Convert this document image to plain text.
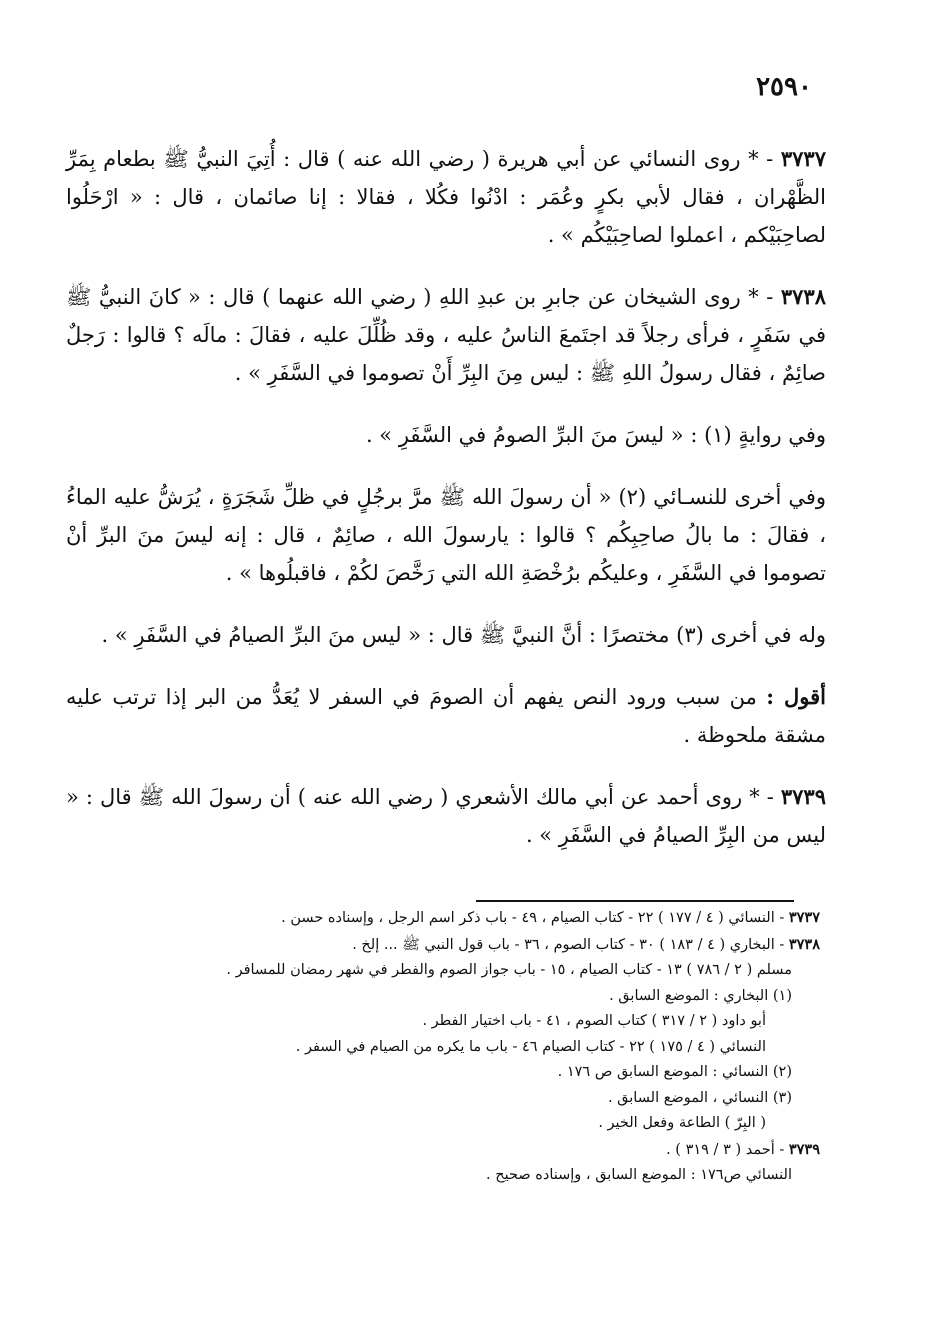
٢٥٩٠

٣٧٣٧ - * روى النسائي عن أبي هريرة ( رضي الله عنه ) قال : أُتِيَ النبيُّ ﷺ بطعام بِمَرِّ الظَّهْران ، فقال لأبي بكرٍ وعُمَر : ادْنُوا فكُلا ، فقالا : إنا صائمان ، قال : « ارْحَلُوا لصاحِبَيْكم ، اعملوا لصاحِبَيْكُم » .

٣٧٣٨ - * روى الشيخان عن جابرِ بن عبدِ اللهِ ( رضي الله عنهما ) قال : « كانَ النبيُّ ﷺ في سَفَرٍ ، فرأى رجلاً قد اجتَمعَ الناسُ عليه ، وقد ظُلِّلَ عليه ، فقالَ : مالَه ؟ قالوا : رَجلٌ صائِمٌ ، فقال رسولُ اللهِ ﷺ : ليس مِنَ البِرِّ أَنْ تصوموا في السَّفَرِ » .

وفي روايةٍ (١) : « ليسَ منَ البرِّ الصومُ في السَّفَرِ » .

وفي أخرى للنسـائي (٢) « أن رسولَ الله ﷺ مرَّ برجُلٍ في ظلِّ شَجَرَةٍ ، يُرَشُّ عليه الماءُ ، فقالَ : ما بالُ صاحِبِكُم ؟ قالوا : يارسولَ الله ، صائِمٌ ، قال : إنه ليسَ منَ البرِّ أنْ تصوموا في السَّفَرِ ، وعليكُم برُخْصَةِ الله التي رَخَّصَ لكُمْ ، فاقبلُوها » .

وله في أخرى (٣) مختصرًا : أنَّ النبيَّ ﷺ قال : « ليس منَ البرِّ الصيامُ في السَّفَرِ » .

أقول : من سبب ورود النص يفهم أن الصومَ في السفر لا يُعَدُّ من البر إذا ترتب عليه مشقة ملحوظة .

٣٧٣٩ - * روى أحمد عن أبي مالك الأشعري ( رضي الله عنه ) أن رسولَ الله ﷺ قال : « ليس من البِرِّ الصيامُ في السَّفَرِ » .

٣٧٣٧ - النسائي ( ٤ / ١٧٧ ) ٢٢ - كتاب الصيام ، ٤٩ - باب ذكر اسم الرجل ، وإسناده حسن .
٣٧٣٨ - البخاري ( ٤ / ١٨٣ ) ٣٠ - كتاب الصوم ، ٣٦ - باب قول النبي ﷺ ... إلخ .
مسلم ( ٢ / ٧٨٦ ) ١٣ - كتاب الصيام ، ١٥ - باب جواز الصوم والفطر في شهر رمضان للمسافر .
(١) البخاري : الموضع السابق .
أبو داود ( ٢ / ٣١٧ ) كتاب الصوم ، ٤١ - باب اختيار الفطر .
النسائي ( ٤ / ١٧٥ ) ٢٢ - كتاب الصيام ٤٦ - باب ما يكره من الصيام في السفر .
(٢) النسائي : الموضع السابق ص ١٧٦ .
(٣) النسائي ، الموضع السابق .
( البِرّ ) الطاعة وفعل الخير .
٣٧٣٩ - أحمد ( ٣ / ٣١٩ ) .
النسائي ص١٧٦ : الموضع السابق ، وإسناده صحيح .
